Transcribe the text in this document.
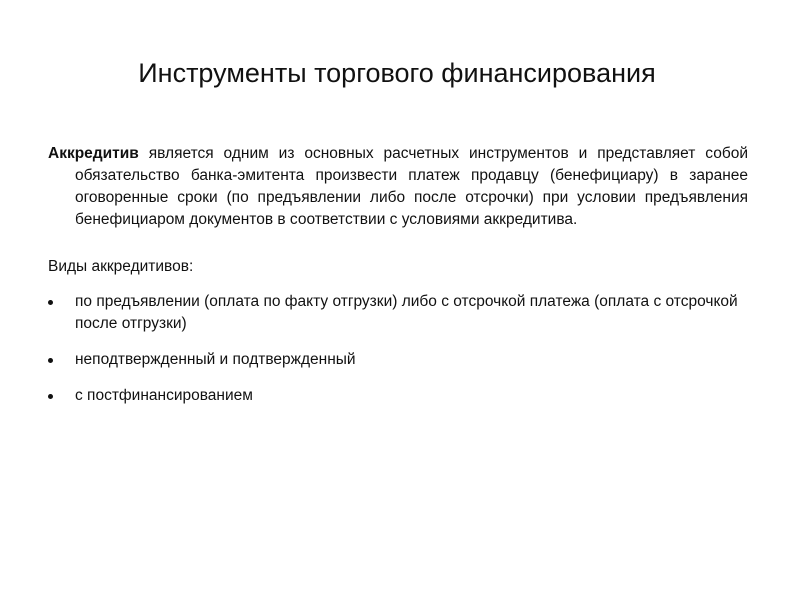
Инструменты торгового финансирования

Аккредитив является одним из основных расчетных инструментов и представляет собой обязательство банка-эмитента произвести платеж продавцу (бенефициару) в заранее оговоренные сроки (по предъявлении либо после отсрочки) при условии предъявления бенефициаром документов в соответствии с условиями аккредитива.

Виды аккредитивов:

по предъявлении (оплата по факту отгрузки) либо с отсрочкой платежа (оплата с отсрочкой после отгрузки)
неподтвержденный и подтвержденный
с постфинансированием
